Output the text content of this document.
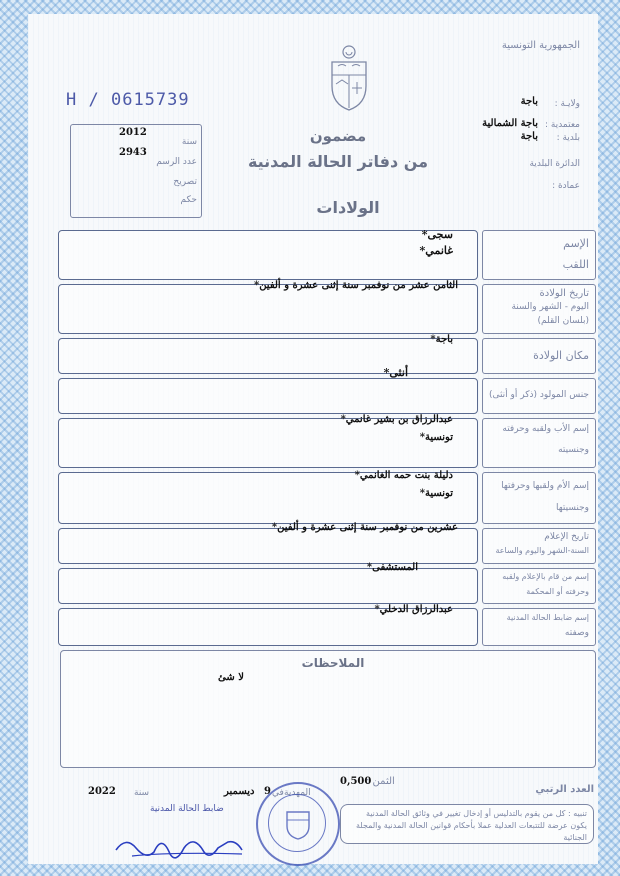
الجمهورية التونسية
ولايـة :
باجة
معتمدية :
باجة الشمالية
بلدية :
باجة
الدائرة البلدية
عمادة :
H / 0615739
2012
سنة
2943
عدد الرسم
تصريح
حكم
مضمون
من دفاتر الحالة المدنية
الولادات
سجى*
غانمي*
الإسم
اللقب
الثامن عشر من نوفمبر سنة إثنى عشرة و ألفين*
تاريخ الولادة
اليوم - الشهر والسنة
(بلسان القلم)
باجة*
مكان الولادة
أنثى*
جنس المولود (ذكر أو أنثى)
عبدالرزاق بن بشير غانمي*
تونسية*
إسم الأب ولقبه وحرفته
وجنسيته
دليلة بنت حمه الغانمي*
تونسية*
إسم الأم ولقبها وحرفتها
وجنسيتها
عشرين من نوفمبر سنة إثنى عشرة و ألفين*
تاريخ الإعلام
السنة-الشهر واليوم والساعة
المستشفى*
إسم من قام بالإعلام ولقبه
وحرفته أو المحكمة
عبدالرزاق الدخلي*
إسم ضابط الحالة المدنية
وصفته
الملاحظات
لا شئ
العدد الرتبي
الثمن :
0,500
المهدية
في
9
ديسمبر
سنة
2022
ضابط الحالة المدنية	تنبيه : كل من يقوم بالتدليس أو إدخال تغيير في وثائق الحالة المدنية يكون عرضة للتتبعات العدلية عملا بأحكام قوانين الحالة المدنية والمجلة الجنائية
